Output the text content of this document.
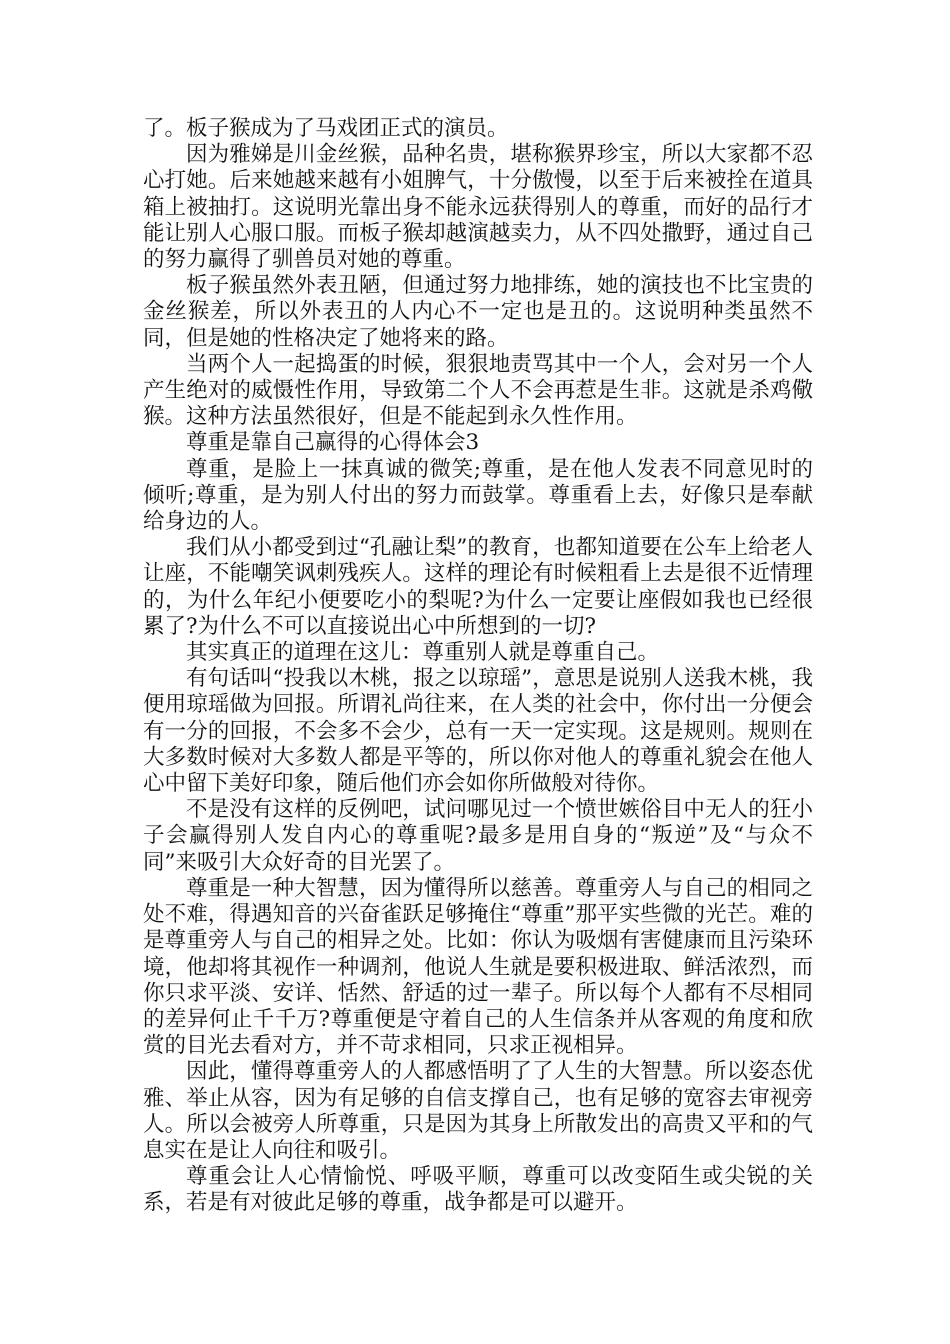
了。板子猴成为了马戏团正式的演员。

因为雅娣是川金丝猴，品种名贵，堪称猴界珍宝，所以大家都不忍心打她。后来她越来越有小姐脾气，十分傲慢，以至于后来被拴在道具箱上被抽打。这说明光靠出身不能永远获得别人的尊重，而好的品行才能让别人心服口服。而板子猴却越演越卖力，从不四处撒野，通过自己的努力赢得了驯兽员对她的尊重。

板子猴虽然外表丑陋，但通过努力地排练，她的演技也不比宝贵的金丝猴差，所以外表丑的人内心不一定也是丑的。这说明种类虽然不同，但是她的性格决定了她将来的路。

当两个人一起捣蛋的时候，狠狠地责骂其中一个人，会对另一个人产生绝对的威慑性作用，导致第二个人不会再惹是生非。这就是杀鸡儆猴。这种方法虽然很好，但是不能起到永久性作用。

尊重是靠自己赢得的心得体会3

尊重，是脸上一抹真诚的微笑;尊重，是在他人发表不同意见时的倾听;尊重，是为别人付出的努力而鼓掌。尊重看上去，好像只是奉献给身边的人。

我们从小都受到过“孔融让梨”的教育，也都知道要在公车上给老人让座，不能嘲笑讽刺残疾人。这样的理论有时候粗看上去是很不近情理的，为什么年纪小便要吃小的梨呢?为什么一定要让座假如我也已经很累了?为什么不可以直接说出心中所想到的一切?

其实真正的道理在这儿：尊重别人就是尊重自己。

有句话叫“投我以木桃，报之以琼瑶”，意思是说别人送我木桃，我便用琼瑶做为回报。所谓礼尚往来，在人类的社会中，你付出一分便会有一分的回报，不会多不会少，总有一天一定实现。这是规则。规则在大多数时候对大多数人都是平等的，所以你对他人的尊重礼貌会在他人心中留下美好印象，随后他们亦会如你所做般对待你。

不是没有这样的反例吧，试问哪见过一个愤世嫉俗目中无人的狂小子会赢得别人发自内心的尊重呢?最多是用自身的“叛逆”及“与众不同”来吸引大众好奇的目光罢了。

尊重是一种大智慧，因为懂得所以慈善。尊重旁人与自己的相同之处不难，得遇知音的兴奋雀跃足够掩住“尊重”那平实些微的光芒。难的是尊重旁人与自己的相异之处。比如：你认为吸烟有害健康而且污染环境，他却将其视作一种调剂，他说人生就是要积极进取、鲜活浓烈，而你只求平淡、安详、恬然、舒适的过一辈子。所以每个人都有不尽相同的差异何止千千万?尊重便是守着自己的人生信条并从客观的角度和欣赏的目光去看对方，并不苛求相同，只求正视相异。

因此，懂得尊重旁人的人都感悟明了了人生的大智慧。所以姿态优雅、举止从容，因为有足够的自信支撑自己，也有足够的宽容去审视旁人。所以会被旁人所尊重，只是因为其身上所散发出的高贵又平和的气息实在是让人向往和吸引。

尊重会让人心情愉悦、呼吸平顺，尊重可以改变陌生或尖锐的关系，若是有对彼此足够的尊重，战争都是可以避开。
